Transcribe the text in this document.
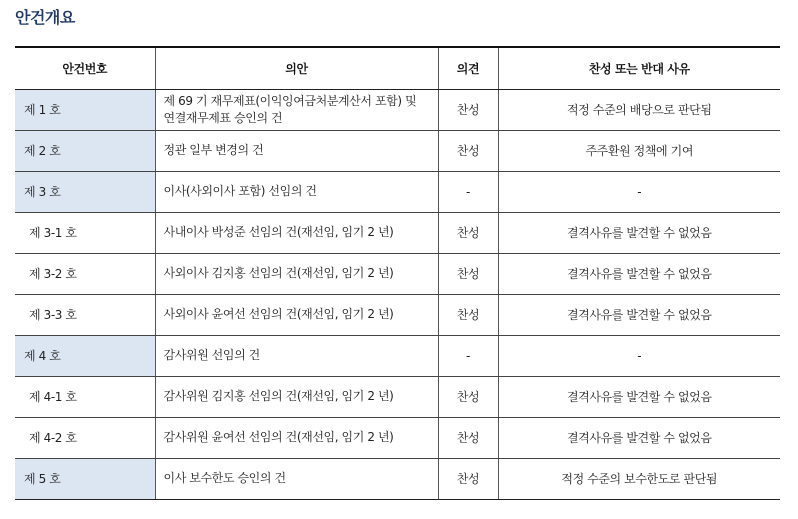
안건개요
안건번호	의안	의견	찬성 또는 반대 사유
제 1 호	제 69 기 재무제표(이익잉여금처분계산서 포함) 및 연결재무제표 승인의 건	찬성	적정 수준의 배당으로 판단됨
제 2 호	정관 일부 변경의 건	찬성	주주환원 정책에 기여
제 3 호	이사(사외이사 포함) 선임의 건	-	-
제 3-1 호	사내이사 박성준 선임의 건(재선임, 임기 2 년)	찬성	결격사유를 발견할 수 없었음
제 3-2 호	사외이사 김지홍 선임의 건(재선임, 임기 2 년)	찬성	결격사유를 발견할 수 없었음
제 3-3 호	사외이사 윤여선 선임의 건(재선임, 임기 2 년)	찬성	결격사유를 발견할 수 없었음
제 4 호	감사위원 선임의 건	-	-
제 4-1 호	감사위원 김지홍 선임의 건(재선임, 임기 2 년)	찬성	결격사유를 발견할 수 없었음
제 4-2 호	감사위원 윤여선 선임의 건(재선임, 임기 2 년)	찬성	결격사유를 발견할 수 없었음
제 5 호	이사 보수한도 승인의 건	찬성	적정 수준의 보수한도로 판단됨
